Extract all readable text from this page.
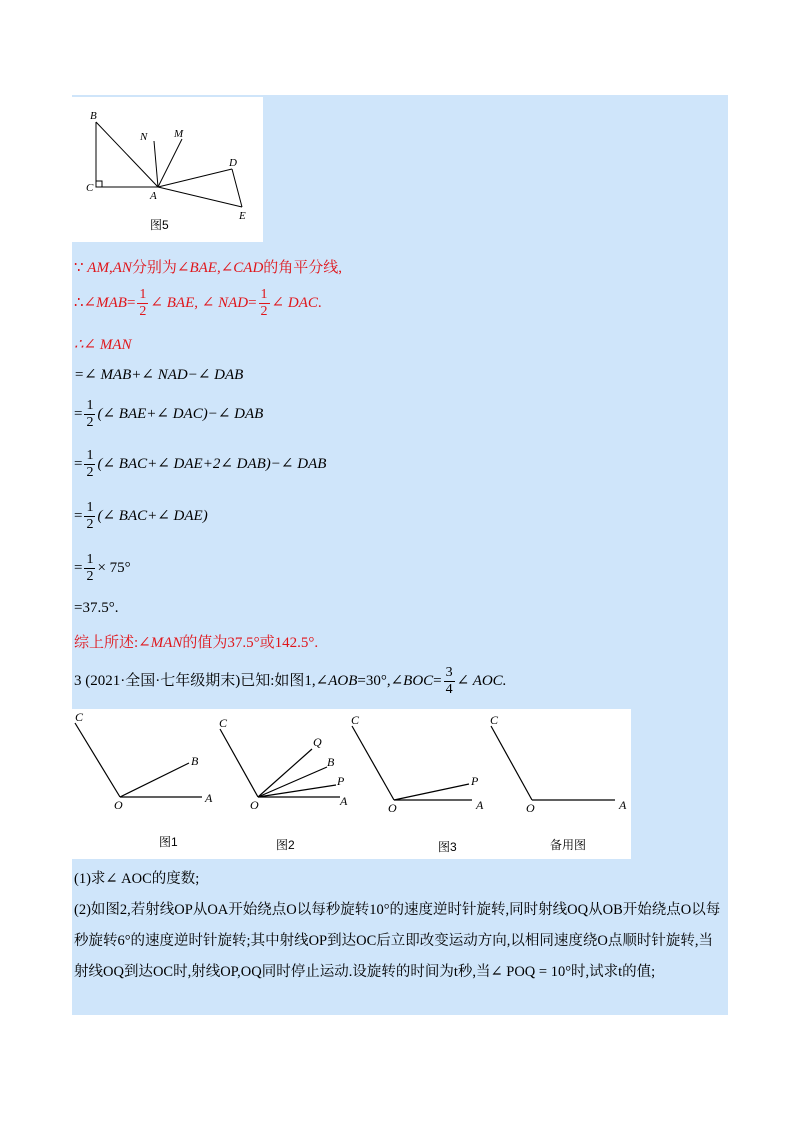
B
N M
D
C
A
E
图5
∵ AM,AN分别为∠BAE,∠CAD的角平分线,
∴∠MAB= $\frac{1}{2}$ ∠ BAE, ∠ $NAD= \frac{1}{2}$ ∠ DAC.
∴∠ MAN
=∠ MAB+∠ NAD−∠ DAB
= $\frac{1}{2}$ (∠ BAE+∠ DAC)−∠ DAB
= $\frac{1}{2}$ (∠ BAC+∠ DAE+2∠ DAB)−∠ DAB
= $\frac{1}{2}$ (∠ BAC+∠ DAE)
= $\frac{1}{2} \times 75^\circ$
=37.5°.
综上所述:∠MAN的值为37.5°或142.5°.
3 (2021·全国·七年级期末)已知:如图1,∠AOB=30°,∠BOC= $\frac{3}{4}$ ∠ AOC.
C
B
O	A
C
Q
B
P
O	A
C
P
O	A
C
O	A
图1	图2	图3	备用图
(1)求∠ AOC的度数;
(2)如图2,若射线OP从OA开始绕点O以每秒旋转10°的速度逆时针旋转,同时射线OQ从OB开始绕点O以每秒旋转6°的速度逆时针旋转;其中射线OP到达OC后立即改变运动方向,以相同速度绕O点顺时针旋转,当射线OQ到达OC时,射线OP,OQ同时停止运动.设旋转的时间为t秒,当∠ POQ = 10°时,试求t的值;
